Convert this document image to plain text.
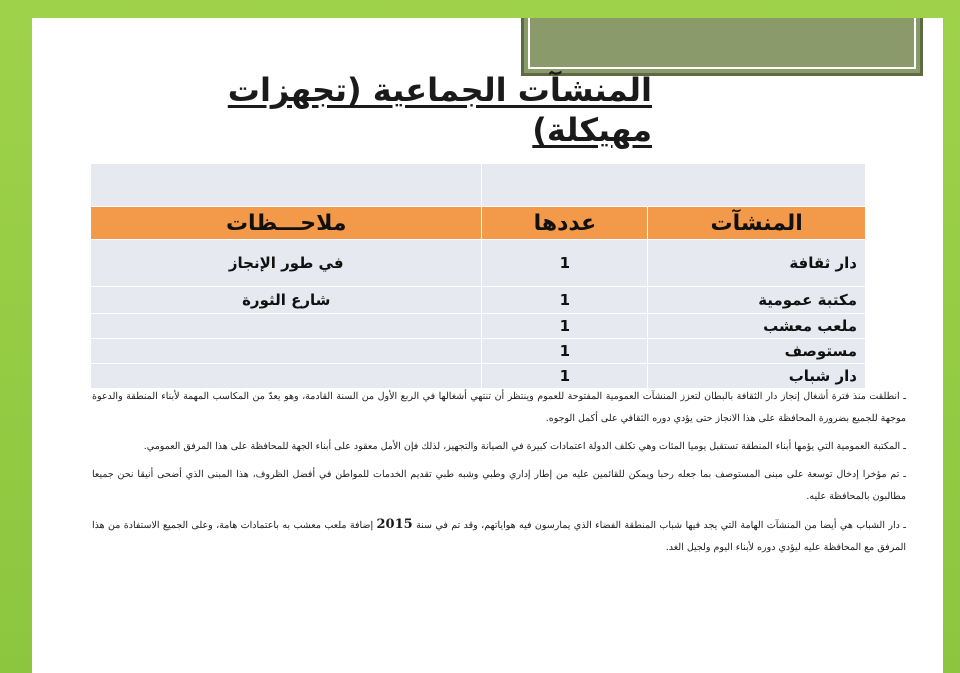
المنشآت الجماعية (تجهزات مهيكلة)

ملاحـــظات	عددها	المنشآت
في طور الإنجاز	1	دار ثقافة
شارع الثورة	1	مكتبة عمومية
	1	ملعب معشب
	1	مستوصف
	1	دار شباب

ـ انطلقت منذ فترة أشغال إنجاز دار الثقافة بالبطان لتعزز المنشآت العمومية المفتوحة للعموم وينتظر أن تنتهي أشغالها في الربع الأول من السنة القادمة، وهو يعدّ من المكاسب المهمة لأبناء المنطقة والدعوة موجهة للجميع بضرورة المحافظة على هذا الانجاز حتى يؤدي دوره الثقافي على أكمل الوجوه.

ـ المكتبة العمومية التي يؤمها أبناء المنطقة تستقبل يوميا المئات وهي تكلف الدولة اعتمادات كبيرة في الصيانة والتجهيز، لذلك فإن الأمل معقود على أبناء الجهة للمحافظة على هذا المرفق العمومي.

ـ تم مؤخرا إدخال توسعة على مبنى المستوصف بما جعله رحبا ويمكن للقائمين عليه من إطار إداري وطبي وشبه طبي تقديم الخدمات للمواطن في أفضل الظروف، هذا المبنى الذي أضحى أنيقا نحن جميعا مطالبون بالمحافظة عليه.

ـ دار الشباب هي أيضا من المنشآت الهامة التي يجد فيها شباب المنطقة الفضاء الذي يمارسون فيه هواياتهم، وقد تم في سنة 2015 إضافة ملعب معشب به باعتمادات هامة، وعلى الجميع الاستفادة من هذا المرفق مع المحافظة عليه ليؤدي دوره لأبناء اليوم ولجيل الغد.
